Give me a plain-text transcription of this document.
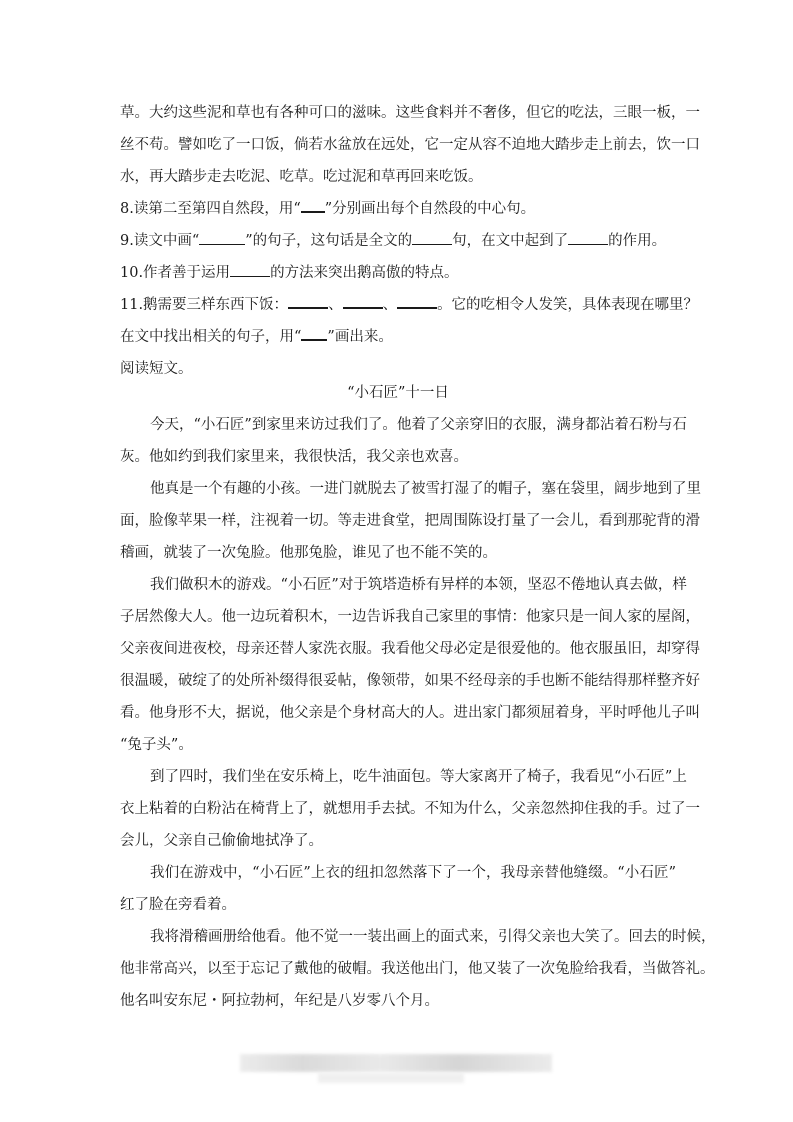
草。大约这些泥和草也有各种可口的滋味。这些食料并不奢侈，但它的吃法，三眼一板，一
丝不苟。譬如吃了一口饭，倘若水盆放在远处，它一定从容不迫地大踏步走上前去，饮一口
水，再大踏步走去吃泥、吃草。吃过泥和草再回来吃饭。
8.读第二至第四自然段，用“ ”分别画出每个自然段的中心句。
9.读文中画“	”的句子，这句话是全文的	句，在文中起到了	的作用。
10.作者善于运用	的方法来突出鹅高傲的特点。
11.鹅需要三样东西下饭：	、	、	。它的吃相令人发笑，具体表现在哪里？
在文中找出相关的句子，用“ ”画出来。
阅读短文。
“小石匠”十一日
今天，“小石匠”到家里来访过我们了。他着了父亲穿旧的衣服，满身都沾着石粉与石
灰。他如约到我们家里来，我很快活，我父亲也欢喜。
他真是一个有趣的小孩。一进门就脱去了被雪打湿了的帽子，塞在袋里，阔步地到了里
面，脸像苹果一样，注视着一切。等走进食堂，把周围陈设打量了一会儿，看到那驼背的滑
稽画，就装了一次兔脸。他那兔脸，谁见了也不能不笑的。
我们做积木的游戏。“小石匠”对于筑塔造桥有异样的本领，坚忍不倦地认真去做，样
子居然像大人。他一边玩着积木，一边告诉我自己家里的事情：他家只是一间人家的屋阁，
父亲夜间进夜校，母亲还替人家洗衣服。我看他父母必定是很爱他的。他衣服虽旧，却穿得
很温暖，破绽了的处所补缀得很妥帖，像领带，如果不经母亲的手也断不能结得那样整齐好
看。他身形不大，据说，他父亲是个身材高大的人。进出家门都须屈着身，平时呼他儿子叫
“兔子头”。
到了四时，我们坐在安乐椅上，吃牛油面包。等大家离开了椅子，我看见“小石匠”上
衣上粘着的白粉沾在椅背上了，就想用手去拭。不知为什么，父亲忽然抑住我的手。过了一
会儿，父亲自己偷偷地拭净了。
我们在游戏中，“小石匠”上衣的纽扣忽然落下了一个，我母亲替他缝缀。“小石匠”
红了脸在旁看着。
我将滑稽画册给他看。他不觉一一装出画上的面式来，引得父亲也大笑了。回去的时候，
他非常高兴，以至于忘记了戴他的破帽。我送他出门，他又装了一次兔脸给我看，当做答礼。
他名叫安东尼・阿拉勃柯，年纪是八岁零八个月。
